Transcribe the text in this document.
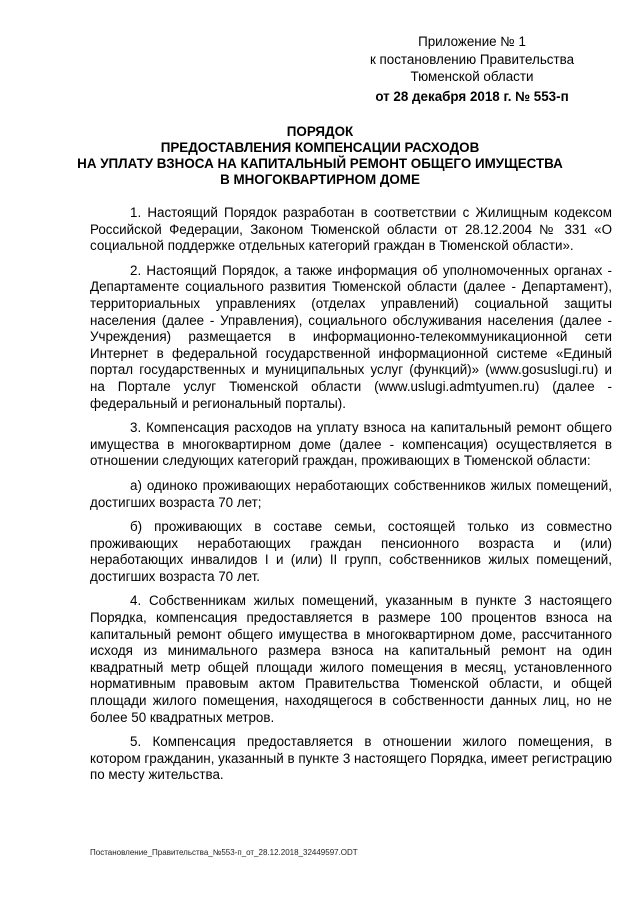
Приложение № 1
к постановлению Правительства
Тюменской области
от 28 декабря 2018 г. № 553-п
ПОРЯДОК
ПРЕДОСТАВЛЕНИЯ КОМПЕНСАЦИИ РАСХОДОВ
НА УПЛАТУ ВЗНОСА НА КАПИТАЛЬНЫЙ РЕМОНТ ОБЩЕГО ИМУЩЕСТВА
В МНОГОКВАРТИРНОМ ДОМЕ

1. Настоящий Порядок разработан в соответствии с Жилищным кодексом Российской Федерации, Законом Тюменской области от 28.12.2004 № 331 «О социальной поддержке отдельных категорий граждан в Тюменской области».

2. Настоящий Порядок, а также информация об уполномоченных органах - Департаменте социального развития Тюменской области (далее - Департамент), территориальных управлениях (отделах управлений) социальной защиты населения (далее - Управления), социального обслуживания населения (далее - Учреждения) размещается в информационно-телекоммуникационной сети Интернет в федеральной государственной информационной системе «Единый портал государственных и муниципальных услуг (функций)» (www.gosuslugi.ru) и на Портале услуг Тюменской области (www.uslugi.admtyumen.ru) (далее - федеральный и региональный порталы).

3. Компенсация расходов на уплату взноса на капитальный ремонт общего имущества в многоквартирном доме (далее - компенсация) осуществляется в отношении следующих категорий граждан, проживающих в Тюменской области:

а) одиноко проживающих неработающих собственников жилых помещений, достигших возраста 70 лет;

б) проживающих в составе семьи, состоящей только из совместно проживающих неработающих граждан пенсионного возраста и (или) неработающих инвалидов I и (или) II групп, собственников жилых помещений, достигших возраста 70 лет.

4. Собственникам жилых помещений, указанным в пункте 3 настоящего Порядка, компенсация предоставляется в размере 100 процентов взноса на капитальный ремонт общего имущества в многоквартирном доме, рассчитанного исходя из минимального размера взноса на капитальный ремонт на один квадратный метр общей площади жилого помещения в месяц, установленного нормативным правовым актом Правительства Тюменской области, и общей площади жилого помещения, находящегося в собственности данных лиц, но не более 50 квадратных метров.

5. Компенсация предоставляется в отношении жилого помещения, в котором гражданин, указанный в пункте 3 настоящего Порядка, имеет регистрацию по месту жительства.

Постановление_Правительства_№553-п_от_28.12.2018_32449597.ODT
